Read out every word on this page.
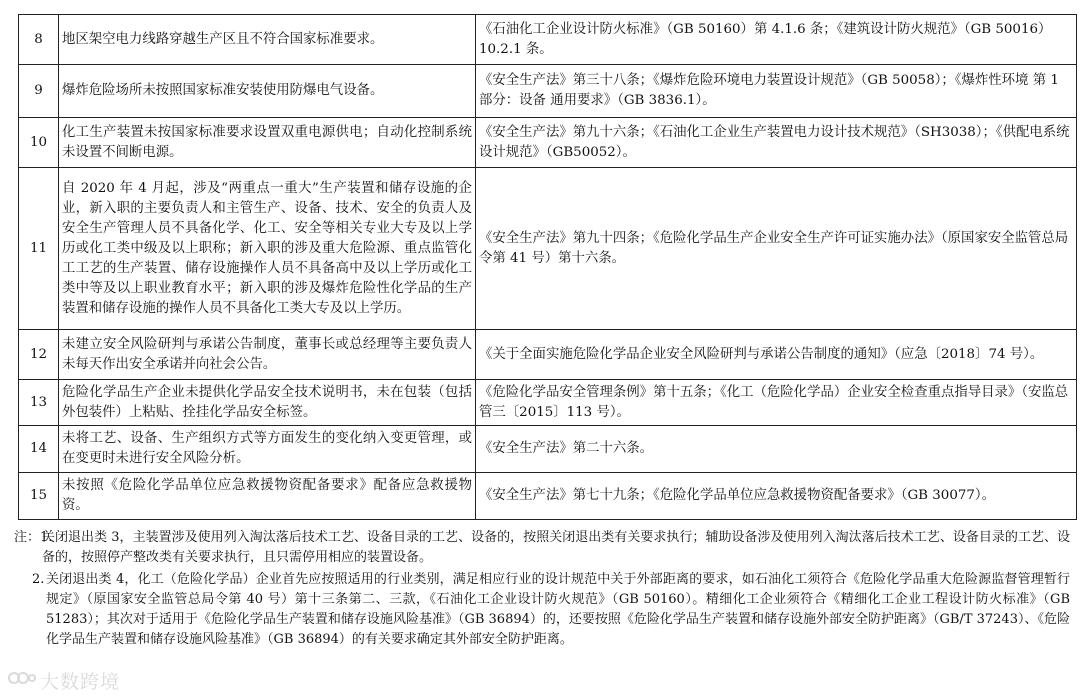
8	地区架空电力线路穿越生产区且不符合国家标准要求。	《石油化工企业设计防火标准》（GB 50160）第 4.1.6 条；《建筑设计防火规范》（GB 50016）10.2.1 条。
9	爆炸危险场所未按照国家标准安装使用防爆电气设备。	《安全生产法》第三十八条；《爆炸危险环境电力装置设计规范》（GB 50058）；《爆炸性环境 第 1 部分：设备 通用要求》（GB 3836.1）。
10	化工生产装置未按国家标准要求设置双重电源供电；自动化控制系统未设置不间断电源。	《安全生产法》第九十六条；《石油化工企业生产装置电力设计技术规范》（SH3038）；《供配电系统设计规范》（GB50052）。
11	自 2020 年 4 月起，涉及“两重点一重大”生产装置和储存设施的企业，新入职的主要负责人和主管生产、设备、技术、安全的负责人及安全生产管理人员不具备化学、化工、安全等相关专业大专及以上学历或化工类中级及以上职称；新入职的涉及重大危险源、重点监管化工工艺的生产装置、储存设施操作人员不具备高中及以上学历或化工类中等及以上职业教育水平；新入职的涉及爆炸危险性化学品的生产装置和储存设施的操作人员不具备化工类大专及以上学历。	《安全生产法》第九十四条；《危险化学品生产企业安全生产许可证实施办法》（原国家安全监管总局令第 41 号）第十六条。
12	未建立安全风险研判与承诺公告制度，董事长或总经理等主要负责人未每天作出安全承诺并向社会公告。	《关于全面实施危险化学品企业安全风险研判与承诺公告制度的通知》（应急〔2018〕74 号）。
13	危险化学品生产企业未提供化学品安全技术说明书，未在包装（包括外包装件）上粘贴、拴挂化学品安全标签。	《危险化学品安全管理条例》第十五条；《化工（危险化学品）企业安全检查重点指导目录》（安监总管三〔2015〕113 号）。
14	未将工艺、设备、生产组织方式等方面发生的变化纳入变更管理，或在变更时未进行安全风险分析。	《安全生产法》第二十六条。
15	未按照《危险化学品单位应急救援物资配备要求》配备应急救援物资。	《安全生产法》第七十九条；《危险化学品单位应急救援物资配备要求》（GB 30077）。
注：1.
关闭退出类 3，主装置涉及使用列入淘汰落后技术工艺、设备目录的工艺、设备的，按照关闭退出类有关要求执行；辅助设备涉及使用列入淘汰落后技术工艺、设备目录的工艺、设备的，按照停产整改类有关要求执行，且只需停用相应的装置设备。
2. 关闭退出类 4，化工（危险化学品）企业首先应按照适用的行业类别，满足相应行业的设计规范中关于外部距离的要求，如石油化工须符合《危险化学品重大危险源监督管理暂行规定》（原国家安全监管总局令第 40 号）第十三条第二、三款，《石油化工企业设计防火规范》（GB 50160）。精细化工企业须符合《精细化工企业工程设计防火标准》（GB 51283）；其次对于适用于《危险化学品生产装置和储存设施风险基准》（GB 36894）的，还要按照《危险化学品生产装置和储存设施外部安全防护距离》（GB/T 37243）、《危险化学品生产装置和储存设施风险基准》（GB 36894）的有关要求确定其外部安全防护距离。
大数跨境
